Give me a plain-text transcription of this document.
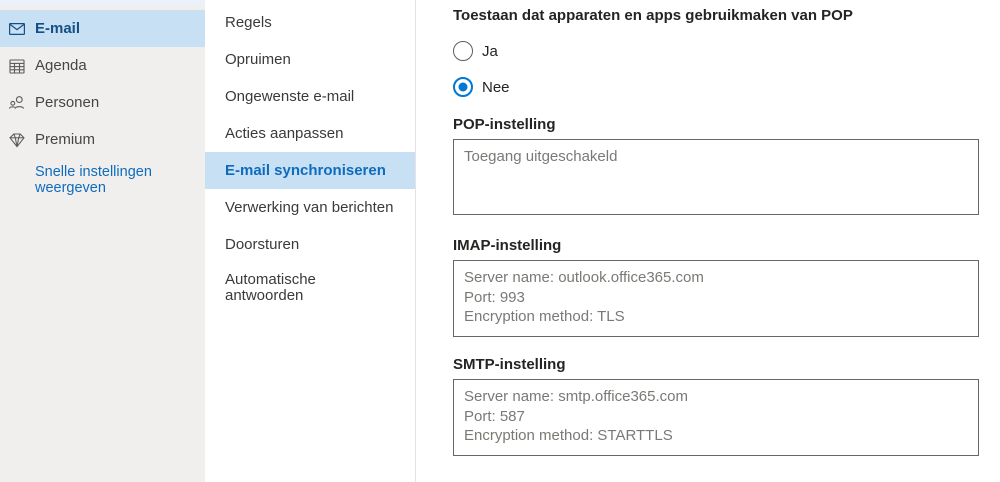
E-mail
Agenda
Personen
Premium
Snelle instellingen weergeven
Regels
Opruimen
Ongewenste e-mail
Acties aanpassen
E-mail synchroniseren
Verwerking van berichten
Doorsturen
Automatische antwoorden
Toestaan dat apparaten en apps gebruikmaken van POP
Ja
Nee
POP-instelling
Toegang uitgeschakeld
IMAP-instelling
Server name: outlook.office365.com
Port: 993
Encryption method: TLS
SMTP-instelling
Server name: smtp.office365.com
Port: 587
Encryption method: STARTTLS
